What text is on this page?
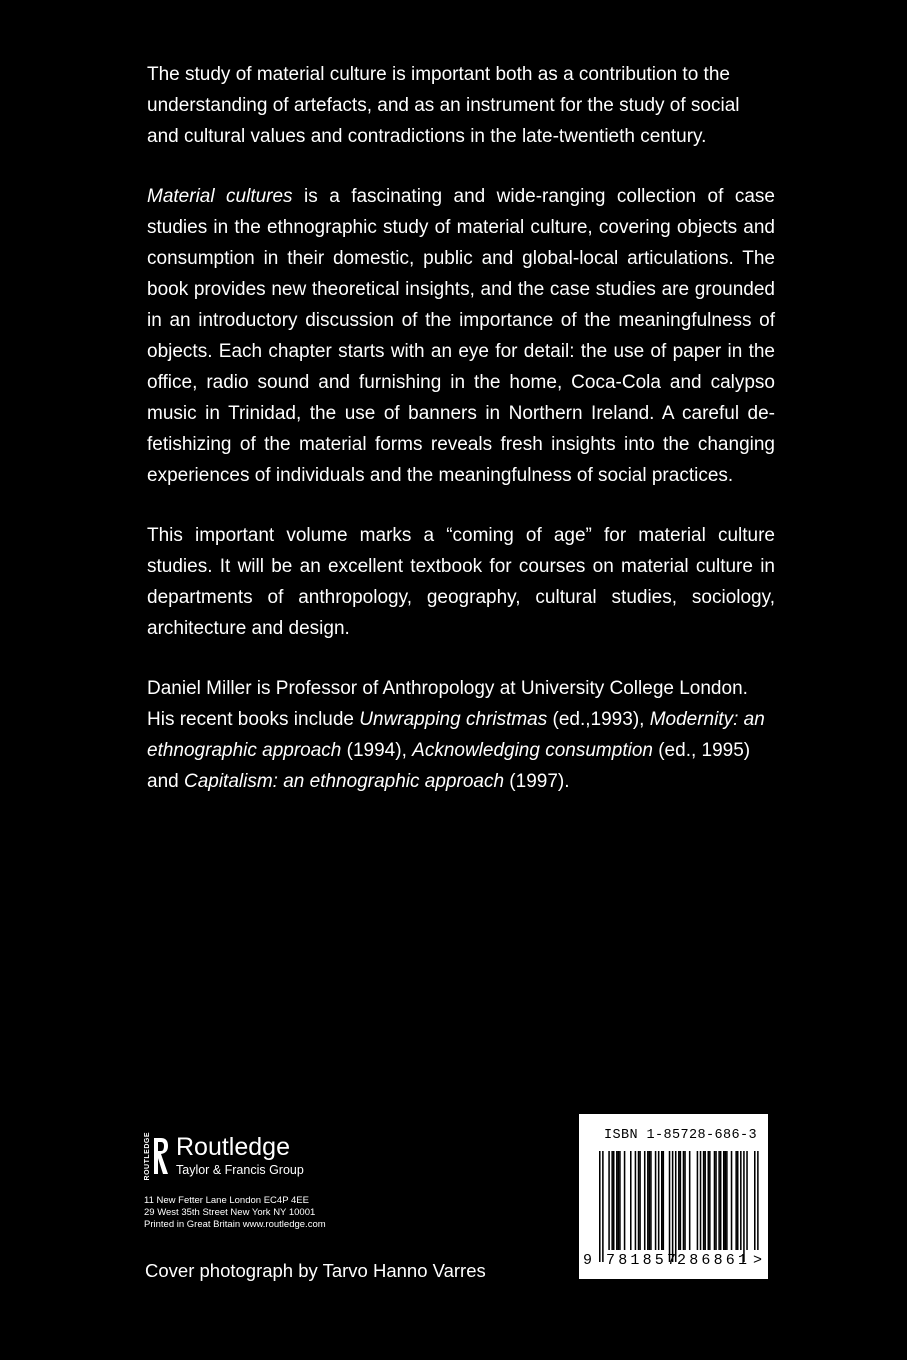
The study of material culture is important both as a contribution to the understanding of artefacts, and as an instrument for the study of social and cultural values and contradictions in the late-twentieth century.

Material cultures is a fascinating and wide-ranging collection of case studies in the ethnographic study of material culture, covering objects and consumption in their domestic, public and global-local articulations. The book provides new theoretical insights, and the case studies are grounded in an introductory discussion of the importance of the meaningfulness of objects. Each chapter starts with an eye for detail: the use of paper in the office, radio sound and furnishing in the home, Coca-Cola and calypso music in Trinidad, the use of banners in Northern Ireland. A careful de-fetishizing of the material forms reveals fresh insights into the changing experiences of individuals and the meaningfulness of social practices.

This important volume marks a “coming of age” for material culture studies. It will be an excellent textbook for courses on material culture in departments of anthropology, geography, cultural studies, sociology, architecture and design.

Daniel Miller is Professor of Anthropology at University College London. His recent books include Unwrapping christmas (ed.,1993), Modernity: an ethnographic approach (1994), Acknowledging consumption (ed., 1995) and Capitalism: an ethnographic approach (1997).

ROUTLEDGE Routledge
Taylor & Francis Group
11 New Fetter Lane London EC4P 4EE
29 West 35th Street New York NY 10001
Printed in Great Britain www.routledge.com
Cover photograph by Tarvo Hanno Varres
ISBN 1-85728-686-3
9 781857
286861 >
